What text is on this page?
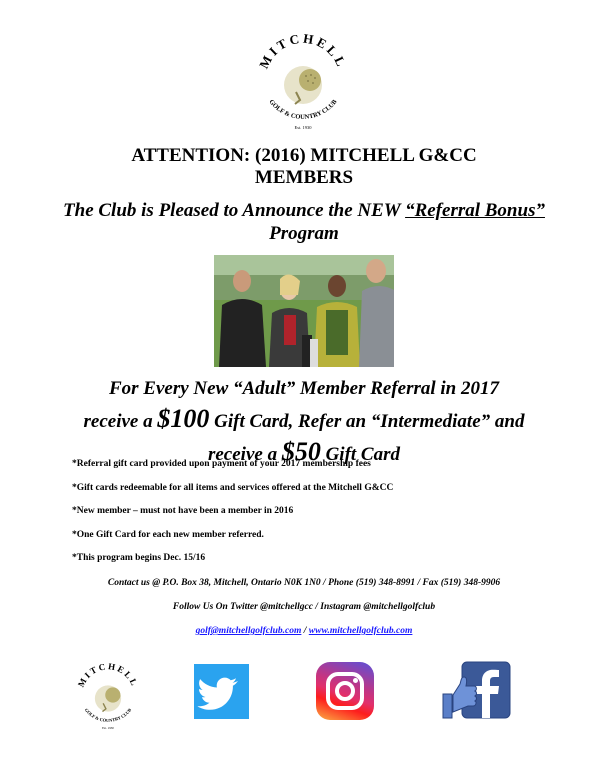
MITCHELL
GOLF & COUNTRY CLUB
Est. 1930
ATTENTION: (2016) MITCHELL G&CC
MEMBERS
The Club is Pleased to Announce the NEW “Referral Bonus” Program
For Every New “Adult” Member Referral in 2017
receive a $100 Gift Card, Refer an “Intermediate” and
receive a $50 Gift Card
*Referral gift card provided upon payment of your 2017 membership fees
*Gift cards redeemable for all items and services offered at the Mitchell G&CC
*New member – must not have been a member in 2016
*One Gift Card for each new member referred.
*This program begins Dec. 15/16
Contact us @ P.O. Box 38, Mitchell, Ontario N0K 1N0 / Phone (519) 348-8991 / Fax (519) 348-9906
Follow Us On Twitter @mitchellgcc / Instagram @mitchellgolfclub
golf@mitchellgolfclub.com / www.mitchellgolfclub.com
MITCHELL
GOLF & COUNTRY CLUB
Est. 1930
